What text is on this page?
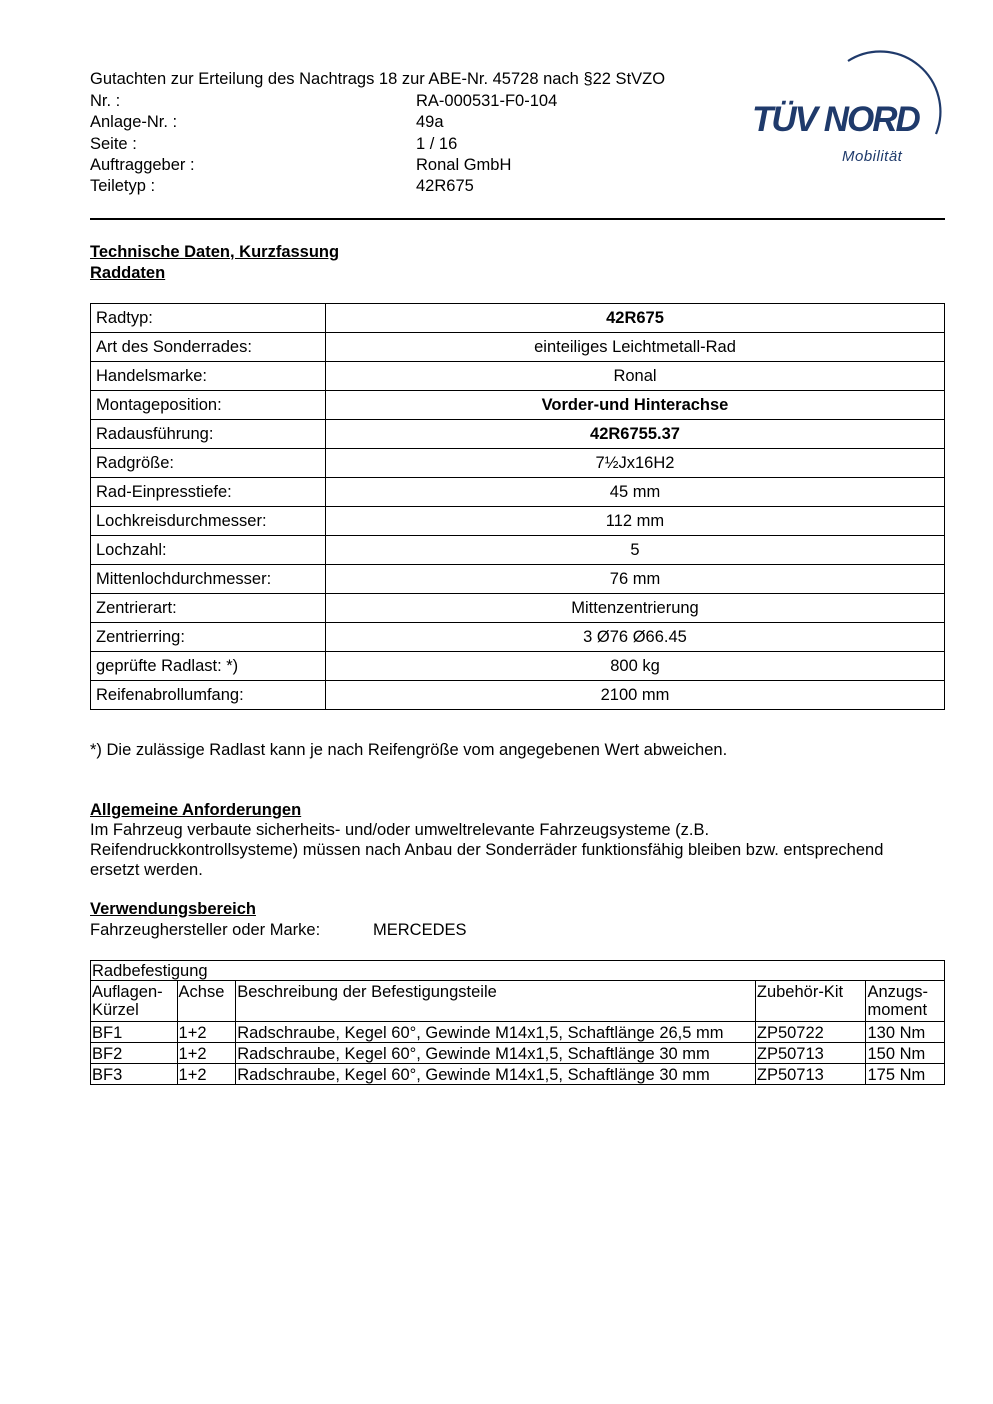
Gutachten zur Erteilung des Nachtrags 18 zur ABE-Nr. 45728 nach §22 StVZO
Nr. :	RA-000531-F0-104
Anlage-Nr. :	49a
Seite :	1 / 16
Auftraggeber :	Ronal GmbH
Teiletyp :	42R675
TÜV NORD
Mobilität
Technische Daten, Kurzfassung
Raddaten
Radtyp:	42R675
Art des Sonderrades:	einteiliges Leichtmetall-Rad
Handelsmarke:	Ronal
Montageposition:	Vorder-und Hinterachse
Radausführung:	42R6755.37
Radgröße:	7½Jx16H2
Rad-Einpresstiefe:	45 mm
Lochkreisdurchmesser:	112 mm
Lochzahl:	5
Mittenlochdurchmesser:	76 mm
Zentrierart:	Mittenzentrierung
Zentrierring:	3 Ø76 Ø66.45
geprüfte Radlast: *)	800 kg
Reifenabrollumfang:	2100 mm
*) Die zulässige Radlast kann je nach Reifengröße vom angegebenen Wert abweichen.
Allgemeine Anforderungen
Im Fahrzeug verbaute sicherheits- und/oder umweltrelevante Fahrzeugsysteme (z.B. Reifendruckkontrollsysteme) müssen nach Anbau der Sonderräder funktionsfähig bleiben bzw. entsprechend ersetzt werden.
Verwendungsbereich
Fahrzeughersteller oder Marke:	MERCEDES
Radbefestigung				
Auflagen-
Kürzel	Achse	Beschreibung der Befestigungsteile	Zubehör-Kit	Anzugs-
moment
BF1	1+2	Radschraube, Kegel 60°, Gewinde M14x1,5, Schaftlänge 26,5 mm	ZP50722	130 Nm
BF2	1+2	Radschraube, Kegel 60°, Gewinde M14x1,5, Schaftlänge 30 mm	ZP50713	150 Nm
BF3	1+2	Radschraube, Kegel 60°, Gewinde M14x1,5, Schaftlänge 30 mm	ZP50713	175 Nm
